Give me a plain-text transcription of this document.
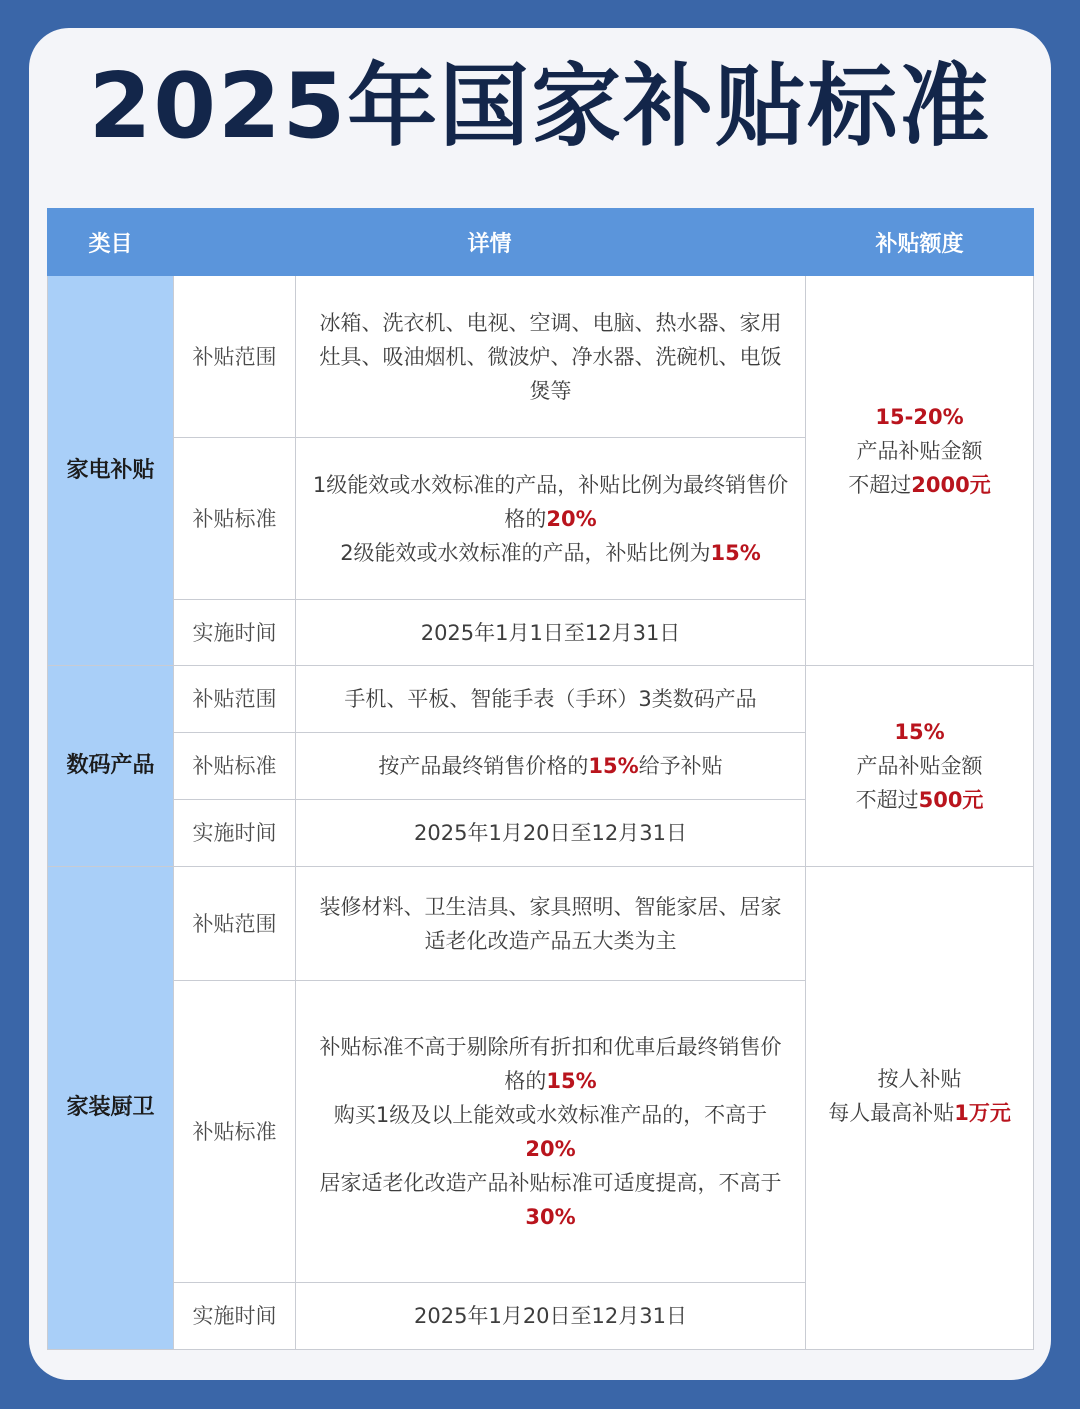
2025年国家补贴标准
类目	详情		补贴额度
家电补贴	补贴范围	冰箱、洗衣机、电视、空调、电脑、热水器、家用灶具、吸油烟机、微波炉、净水器、洗碗机、电饭煲等	15-20%
产品补贴金额
不超过2000元

	补贴标准	1级能效或水效标准的产品，补贴比例为最终销售价格的20%
2级能效或水效标准的产品，补贴比例为15%	

	实施时间	2025年1月1日至12月31日	
数码产品	补贴范围	手机、平板、智能手表（手环）3类数码产品	15%
产品补贴金额
不超过500元

	补贴标准	按产品最终销售价格的15%给予补贴	
	实施时间	2025年1月20日至12月31日	
家装厨卫	补贴范围	装修材料、卫生洁具、家具照明、智能家居、居家适老化改造产品五大类为主	按人补贴
每人最高补贴1万元

	补贴标准	补贴标准不高于剔除所有折扣和优車后最终销售价格的15%
购买1级及以上能效或水效标准产品的，不高于20%
居家适老化改造产品补贴标准可适度提高，不高于30%	

	实施时间	2025年1月20日至12月31日	
